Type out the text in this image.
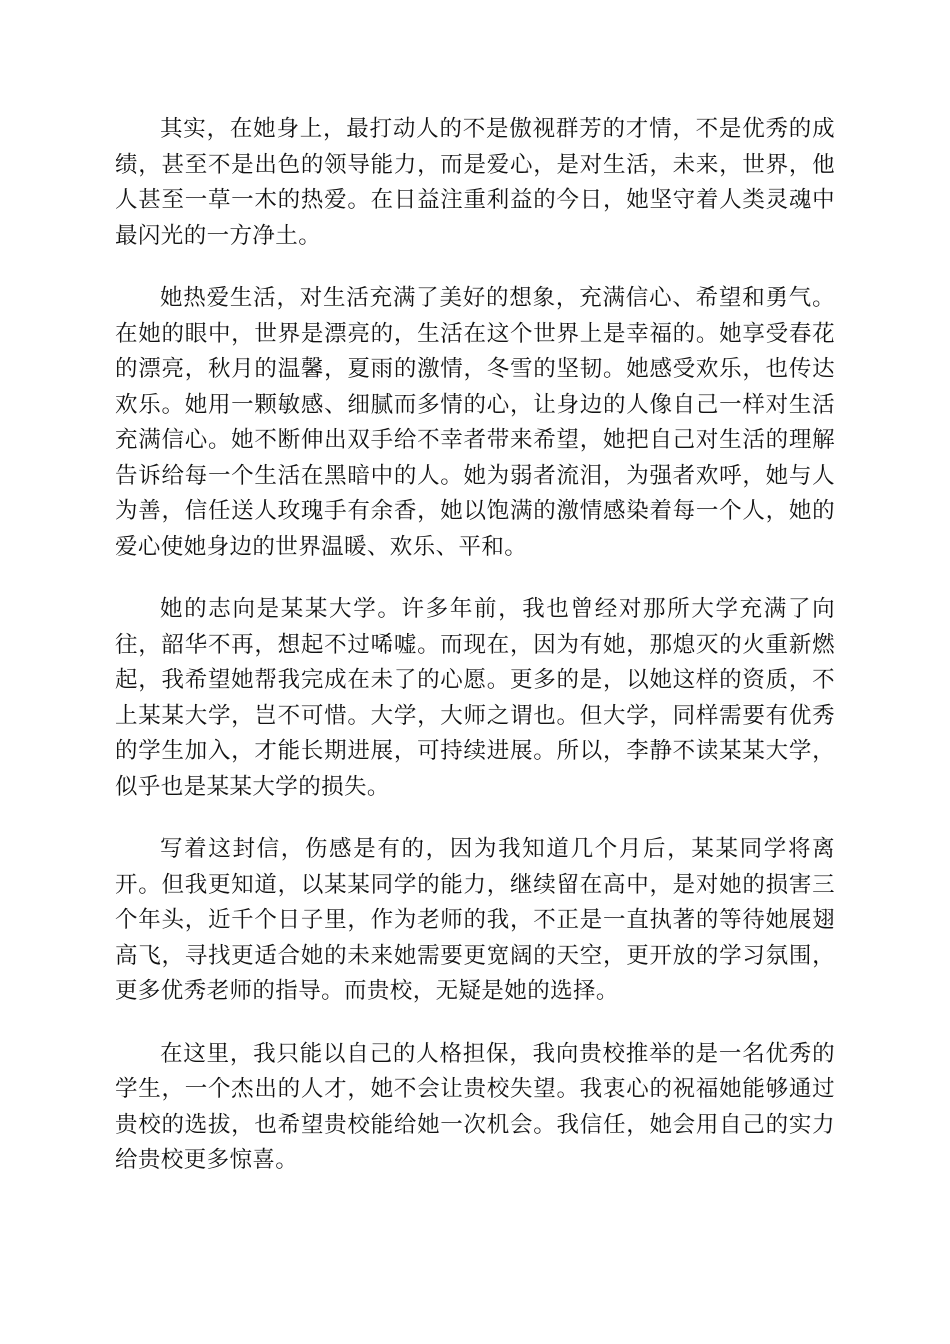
其实，在她身上，最打动人的不是傲视群芳的才情，不是优秀的成绩，甚至不是出色的领导能力，而是爱心，是对生活，未来，世界，他人甚至一草一木的热爱。在日益注重利益的今日，她坚守着人类灵魂中最闪光的一方净土。

她热爱生活，对生活充满了美好的想象，充满信心、希望和勇气。在她的眼中，世界是漂亮的，生活在这个世界上是幸福的。她享受春花的漂亮，秋月的温馨，夏雨的激情，冬雪的坚韧。她感受欢乐，也传达欢乐。她用一颗敏感、细腻而多情的心，让身边的人像自己一样对生活充满信心。她不断伸出双手给不幸者带来希望，她把自己对生活的理解告诉给每一个生活在黑暗中的人。她为弱者流泪，为强者欢呼，她与人为善，信任送人玫瑰手有余香，她以饱满的激情感染着每一个人，她的爱心使她身边的世界温暖、欢乐、平和。

她的志向是某某大学。许多年前，我也曾经对那所大学充满了向往，韶华不再，想起不过唏嘘。而现在，因为有她，那熄灭的火重新燃起，我希望她帮我完成在未了的心愿。更多的是，以她这样的资质，不上某某大学，岂不可惜。大学，大师之谓也。但大学，同样需要有优秀的学生加入，才能长期进展，可持续进展。所以，李静不读某某大学，似乎也是某某大学的损失。

写着这封信，伤感是有的，因为我知道几个月后，某某同学将离开。但我更知道，以某某同学的能力，继续留在高中，是对她的损害三个年头，近千个日子里，作为老师的我，不正是一直执著的等待她展翅高飞，寻找更适合她的未来她需要更宽阔的天空，更开放的学习氛围，更多优秀老师的指导。而贵校，无疑是她的选择。

在这里，我只能以自己的人格担保，我向贵校推举的是一名优秀的学生，一个杰出的人才，她不会让贵校失望。我衷心的祝福她能够通过贵校的选拔，也希望贵校能给她一次机会。我信任，她会用自己的实力给贵校更多惊喜。
